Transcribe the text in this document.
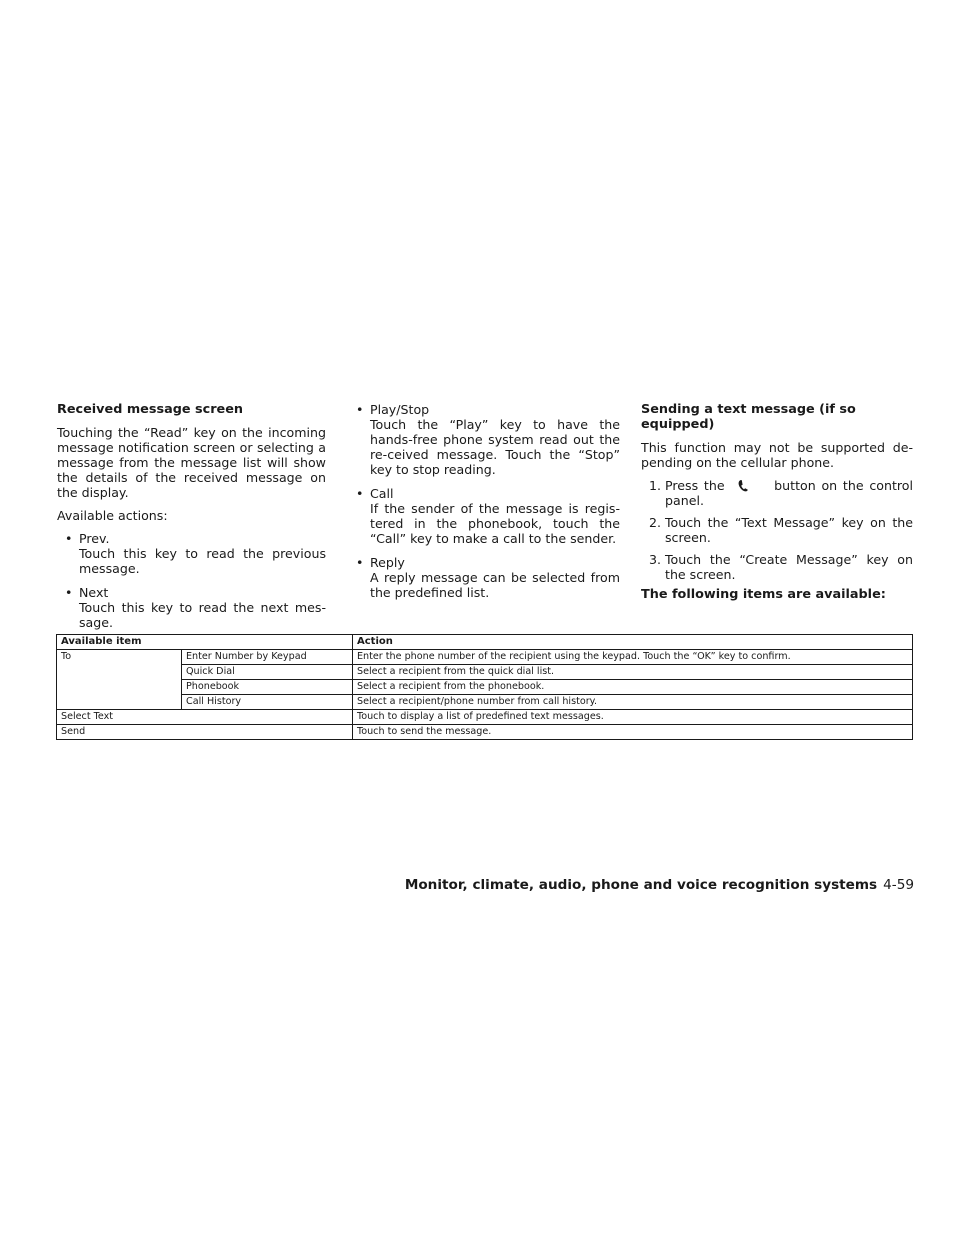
Received message screen
Touching the “Read” key on the incoming message notification screen or selecting a message from the message list will show the details of the received message on the display.
Available actions:
• Prev.
Touch this key to read the previous message.
• Next
Touch this key to read the next mes-sage.
• Play/Stop
Touch the “Play” key to have the hands-free phone system read out the re-ceived message. Touch the “Stop” key to stop reading.
• Call
If the sender of the message is regis-tered in the phonebook, touch the “Call” key to make a call to the sender.
• Reply
A reply message can be selected from the predefined list.
Sending a text message (if so equipped)
This function may not be supported de-pending on the cellular phone.
1. Press the	button on the control panel.
2. Touch the “Text Message” key on the screen.
3. Touch the “Create Message” key on the screen.
The following items are available:
Available item		Action
To	Enter Number by Keypad	Enter the phone number of the recipient using the keypad. Touch the “OK” key to confirm.
	Quick Dial	Select a recipient from the quick dial list.
	Phonebook	Select a recipient from the phonebook.
	Call History	Select a recipient/phone number from call history.
Select Text		Touch to display a list of predefined text messages.
Send		Touch to send the message.
Monitor, climate, audio, phone and voice recognition systems 4-59
